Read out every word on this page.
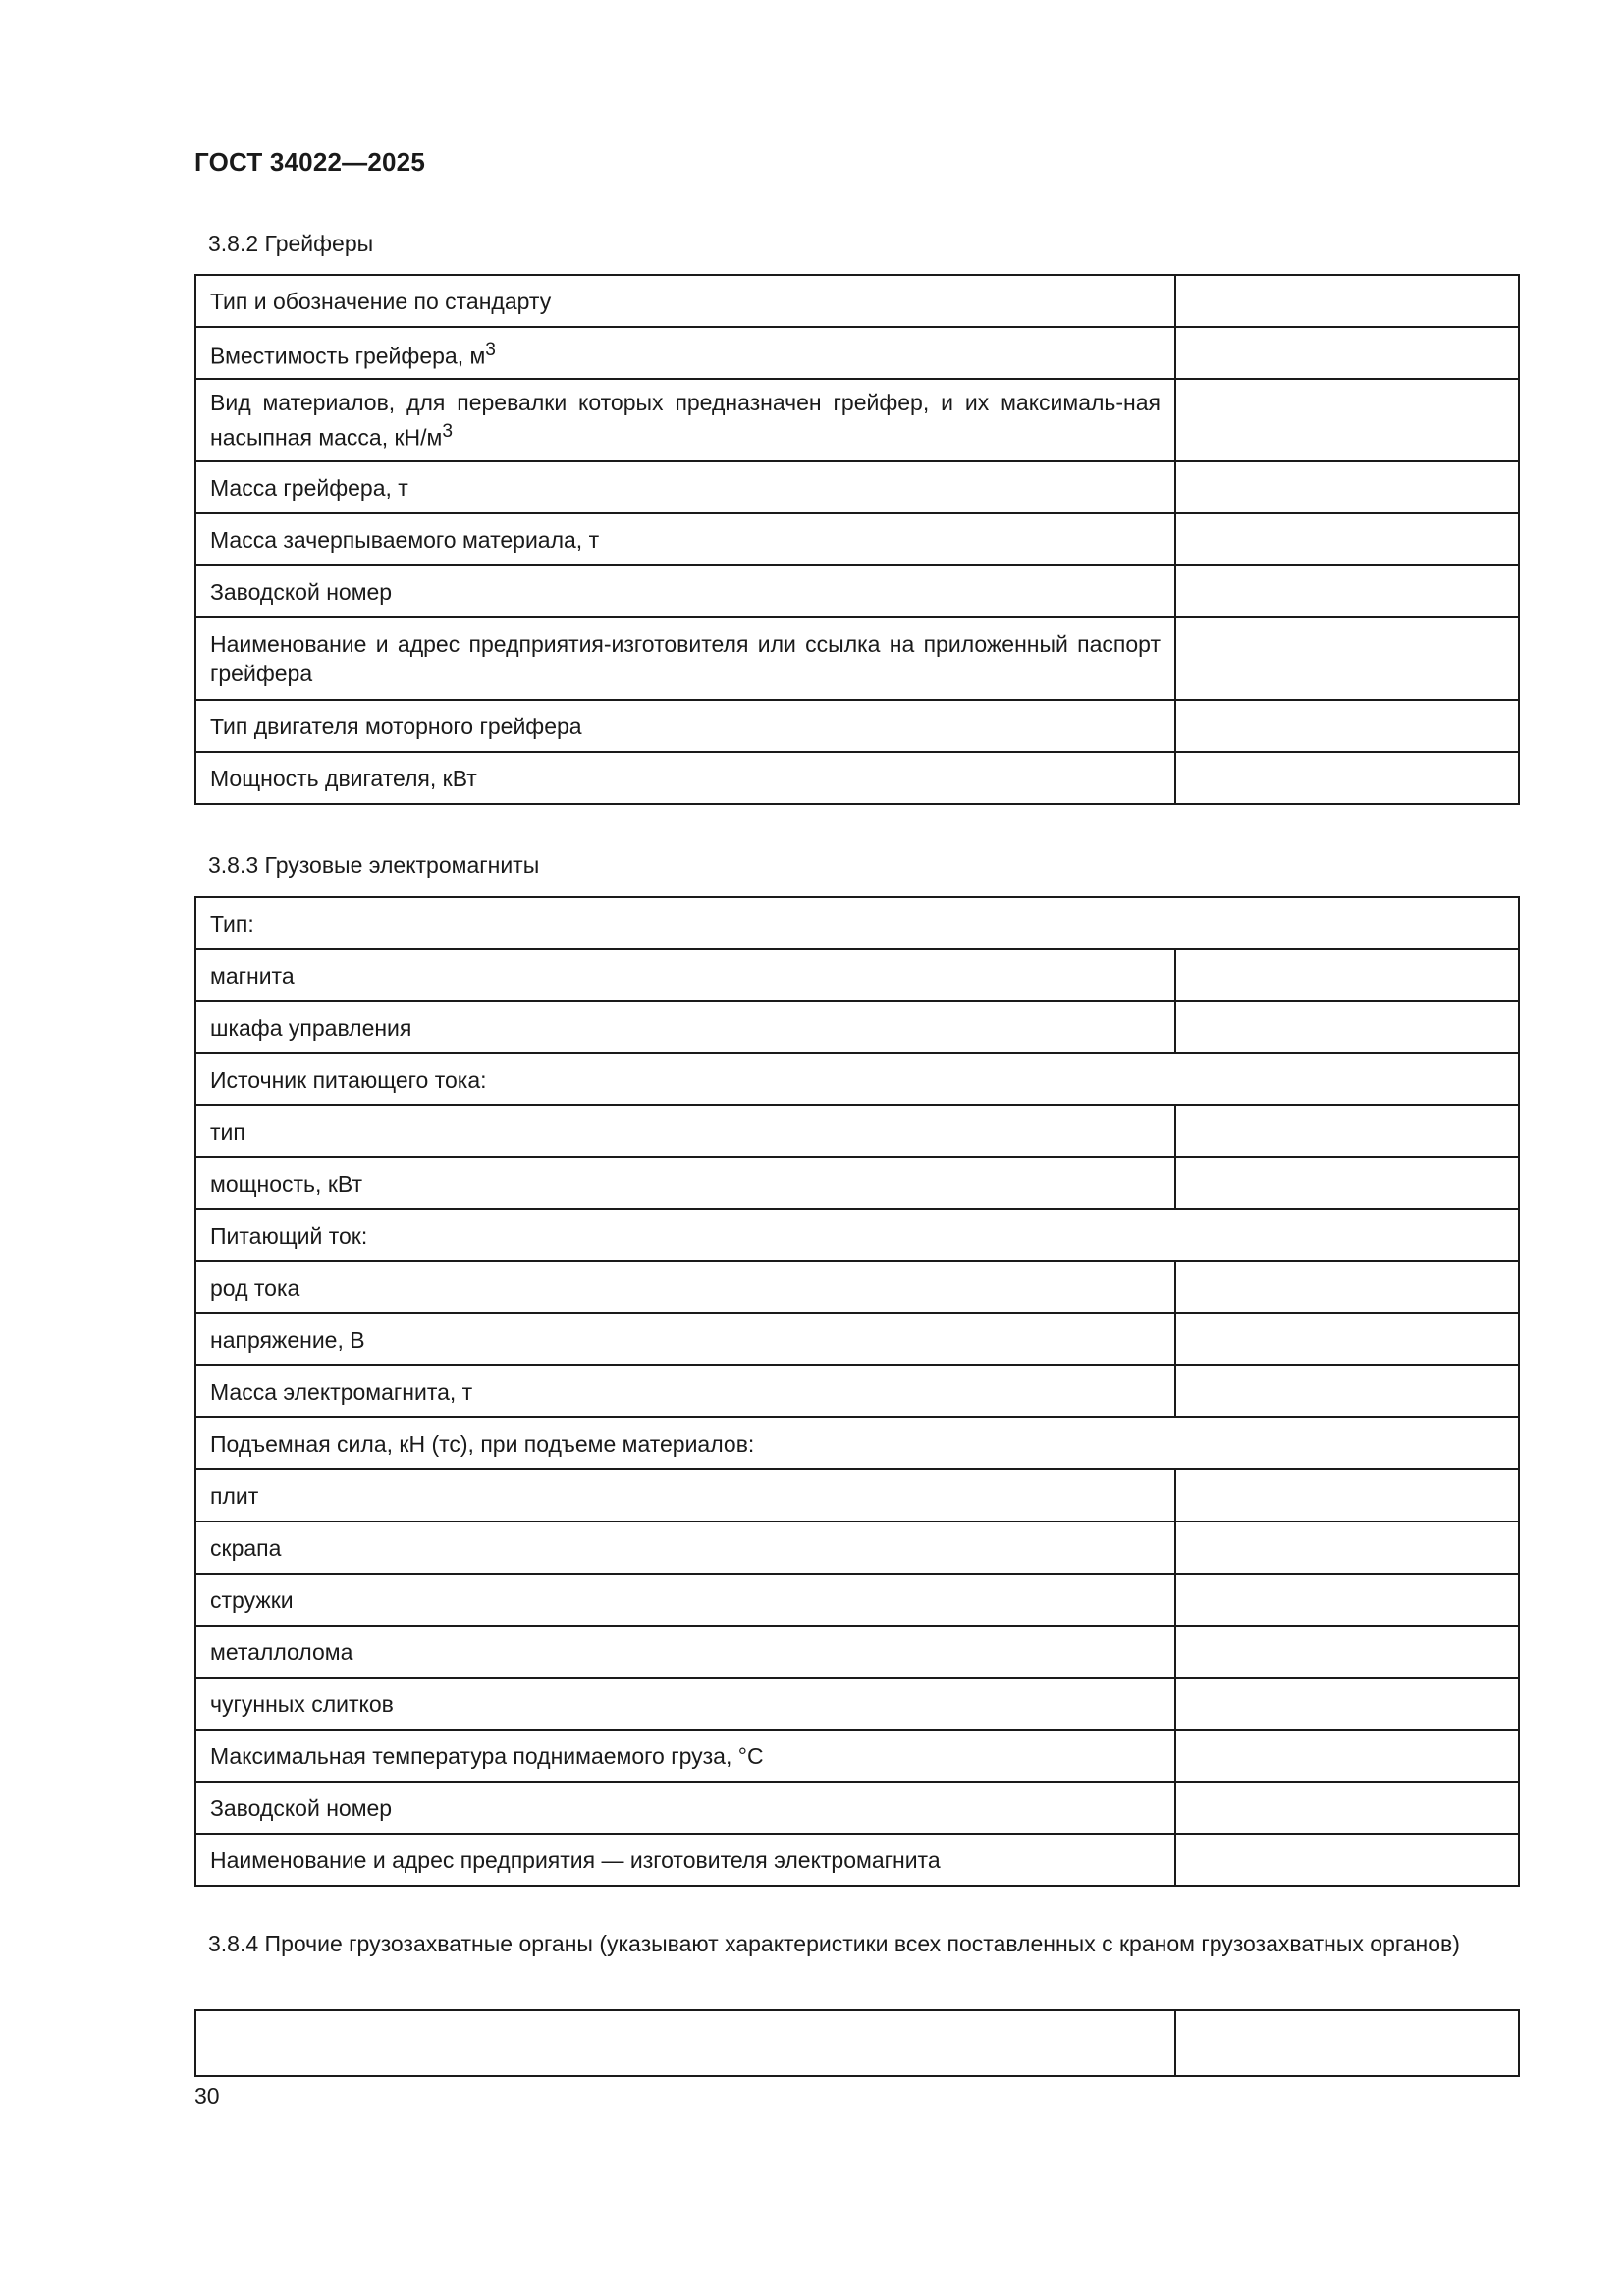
ГОСТ 34022—2025

3.8.2 Грейферы

Тип и обозначение по стандарту	
Вместимость грейфера, $м^3$	
Вид материалов, для перевалки которых предназначен грейфер, и их максималь-ная насыпная масса, $кН/м^3$	
Масса грейфера, т	
Масса зачерпываемого материала, т	
Заводской номер	
Наименование и адрес предприятия-изготовителя или ссылка на приложенный паспорт грейфера	
Тип двигателя моторного грейфера	
Мощность двигателя, кВт	

3.8.3 Грузовые электромагниты

Тип:	
магнита	
шкафа управления	
Источник питающего тока:	
тип	
мощность, кВт	
Питающий ток:	
род тока	
напряжение, В	
Масса электромагнита, т	
Подъемная сила, кН (тс), при подъеме материалов:	
плит	
скрапа	
стружки	
металлолома	
чугунных слитков	
Максимальная температура поднимаемого груза, °С	
Заводской номер	
Наименование и адрес предприятия — изготовителя электромагнита	

3.8.4 Прочие грузозахватные органы (указывают характеристики всех поставленных с краном грузозахватных органов)

30
